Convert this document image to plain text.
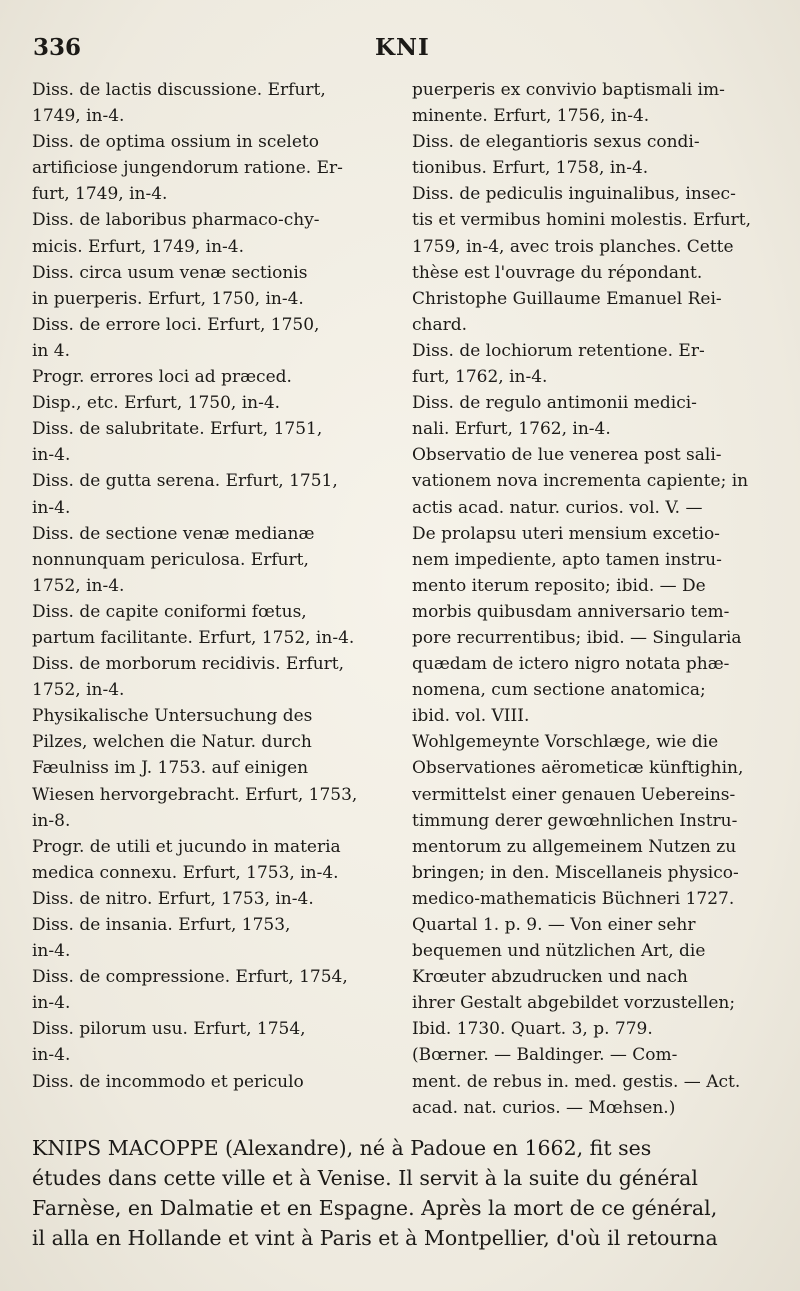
336	KNI
Diss. de lactis discussione. Erfurt,
1749, in-4.
Diss. de optima ossium in sceleto
artificiose jungendorum ratione. Er-
furt, 1749, in-4.
Diss. de laboribus pharmaco-chy-
micis. Erfurt, 1749, in-4.
Diss. circa usum venæ sectionis
in puerperis. Erfurt, 1750, in-4.
Diss. de errore loci. Erfurt, 1750,
in 4.
Progr. errores loci ad præced.
Disp., etc. Erfurt, 1750, in-4.
Diss. de salubritate. Erfurt, 1751,
in-4.
Diss. de gutta serena. Erfurt, 1751,
in-4.
Diss. de sectione venæ medianæ
nonnunquam periculosa. Erfurt,
1752, in-4.
Diss. de capite coniformi fœtus,
partum facilitante. Erfurt, 1752, in-4.
Diss. de morborum recidivis. Erfurt,
1752, in-4.
Physikalische Untersuchung des
Pilzes, welchen die Natur. durch
Fæulniss im J. 1753. auf einigen
Wiesen hervorgebracht. Erfurt, 1753,
in-8.
Progr. de utili et jucundo in materia
medica connexu. Erfurt, 1753, in-4.
Diss. de nitro. Erfurt, 1753, in-4.
Diss. de insania. Erfurt, 1753,
in-4.
Diss. de compressione. Erfurt, 1754,
in-4.
Diss. pilorum usu. Erfurt, 1754,
in-4.
Diss. de incommodo et periculo
puerperis ex convivio baptismali im-
minente. Erfurt, 1756, in-4.
Diss. de elegantioris sexus condi-
tionibus. Erfurt, 1758, in-4.
Diss. de pediculis inguinalibus, insec-
tis et vermibus homini molestis. Erfurt,
1759, in-4, avec trois planches. Cette
thèse est l'ouvrage du répondant.
Christophe Guillaume Emanuel Rei-
chard.
Diss. de lochiorum retentione. Er-
furt, 1762, in-4.
Diss. de regulo antimonii medici-
nali. Erfurt, 1762, in-4.
Observatio de lue venerea post sali-
vationem nova incrementa capiente; in
actis acad. natur. curios. vol. V. —
De prolapsu uteri mensium excetio-
nem impediente, apto tamen instru-
mento iterum reposito; ibid. — De
morbis quibusdam anniversario tem-
pore recurrentibus; ibid. — Singularia
quædam de ictero nigro notata phæ-
nomena, cum sectione anatomica;
ibid. vol. VIII.
Wohlgemeynte Vorschlæge, wie die
Observationes aërometicæ künftighin,
vermittelst einer genauen Uebereins-
timmung derer gewœhnlichen Instru-
mentorum zu allgemeinem Nutzen zu
bringen; in den. Miscellaneis physico-
medico-mathematicis Büchneri 1727.
Quartal 1. p. 9. — Von einer sehr
bequemen und nützlichen Art, die
Krœuter abzudrucken und nach
ihrer Gestalt abgebildet vorzustellen;
Ibid. 1730. Quart. 3, p. 779.
(Bœrner. — Baldinger. — Com-
ment. de rebus in. med. gestis. — Act.
acad. nat. curios. — Mœhsen.)
KNIPS MACOPPE (Alexandre), né à Padoue en 1662, fit ses
études dans cette ville et à Venise. Il servit à la suite du général
Farnèse, en Dalmatie et en Espagne. Après la mort de ce général,
il alla en Hollande et vint à Paris et à Montpellier, d'où il retourna
